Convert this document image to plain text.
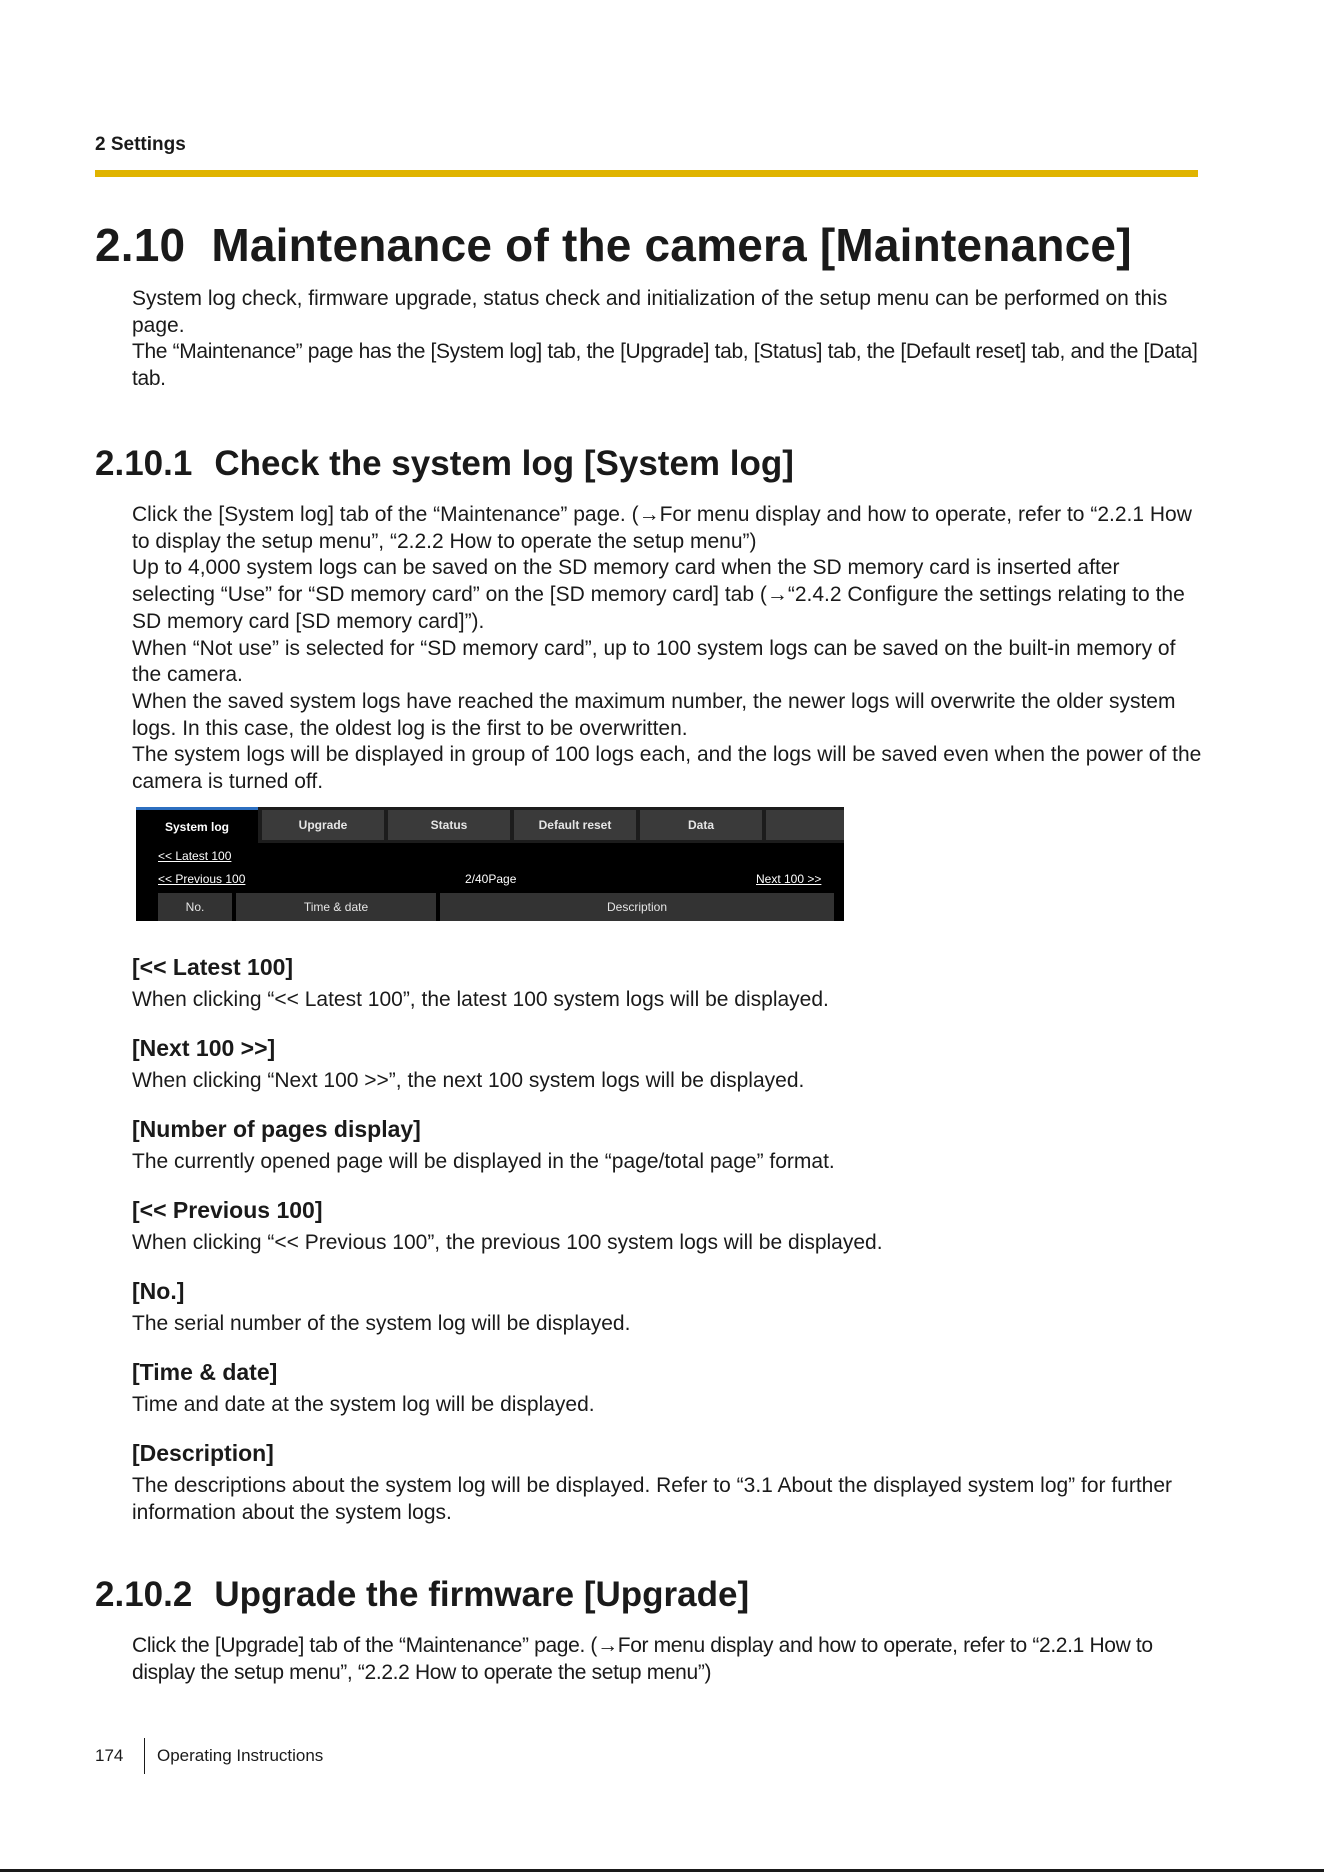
2 Settings
2.10 Maintenance of the camera [Maintenance]

System log check, firmware upgrade, status check and initialization of the setup menu can be performed on this page.

The “Maintenance” page has the [System log] tab, the [Upgrade] tab, [Status] tab, the [Default reset] tab, and the [Data] tab.

2.10.1 Check the system log [System log]

Click the [System log] tab of the “Maintenance” page. (→For menu display and how to operate, refer to “2.2.1 How to display the setup menu”, “2.2.2 How to operate the setup menu”)

Up to 4,000 system logs can be saved on the SD memory card when the SD memory card is inserted after selecting “Use” for “SD memory card” on the [SD memory card] tab (→“2.4.2 Configure the settings relating to the SD memory card [SD memory card]”).

When “Not use” is selected for “SD memory card”, up to 100 system logs can be saved on the built-in memory of the camera.

When the saved system logs have reached the maximum number, the newer logs will overwrite the older system logs. In this case, the oldest log is the first to be overwritten.

The system logs will be displayed in group of 100 logs each, and the logs will be saved even when the power of the camera is turned off.

System log	Upgrade	Status	Default reset	Data
<< Latest 100
<< Previous 100	2/40Page	Next 100 >>
No.	Time & date	Description
[<< Latest 100]
When clicking “<< Latest 100”, the latest 100 system logs will be displayed.
[Next 100 >>]
When clicking “Next 100 >>”, the next 100 system logs will be displayed.
[Number of pages display]
The currently opened page will be displayed in the “page/total page” format.
[<< Previous 100]
When clicking “<< Previous 100”, the previous 100 system logs will be displayed.
[No.]
The serial number of the system log will be displayed.
[Time & date]
Time and date at the system log will be displayed.
[Description]
The descriptions about the system log will be displayed. Refer to “3.1 About the displayed system log” for further information about the system logs.
2.10.2 Upgrade the firmware [Upgrade]

Click the [Upgrade] tab of the “Maintenance” page. (→For menu display and how to operate, refer to “2.2.1 How to display the setup menu”, “2.2.2 How to operate the setup menu”)

174 Operating Instructions
